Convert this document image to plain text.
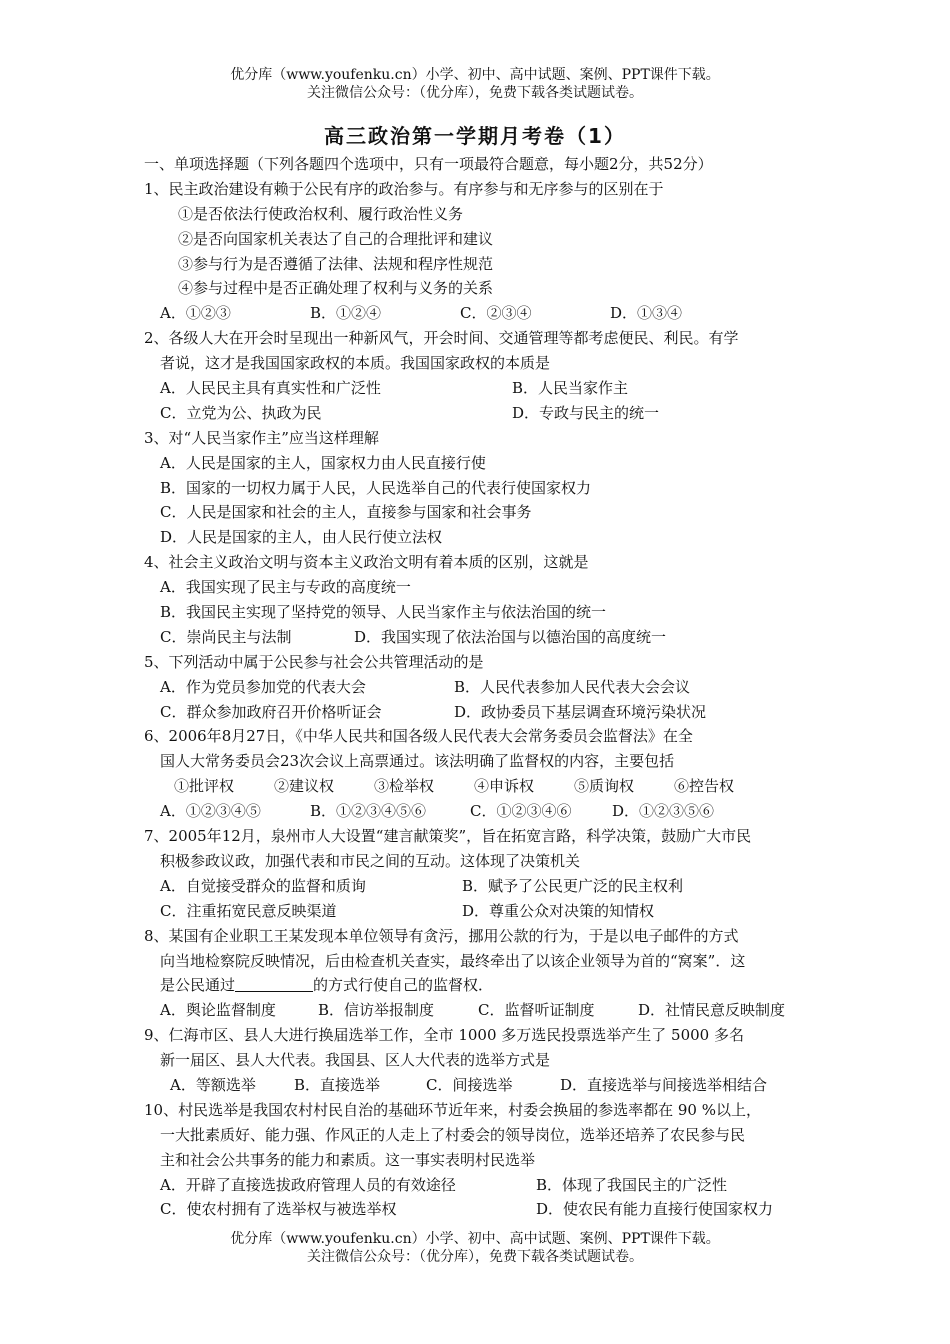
优分库（www.youfenku.cn）小学、初中、高中试题、案例、PPT课件下载。
关注微信公众号：（优分库），免费下载各类试题试卷。
高三政治第一学期月考卷（1）
一、单项选择题（下列各题四个选项中，只有一项最符合题意，每小题2分，共52分）
1、民主政治建设有赖于公民有序的政治参与。有序参与和无序参与的区别在于
①是否依法行使政治权利、履行政治性义务
②是否向国家机关表达了自己的合理批评和建议
③参与行为是否遵循了法律、法规和程序性规范
④参与过程中是否正确处理了权利与义务的关系
A．①②③	B．①②④	C．②③④	D．①③④
2、各级人大在开会时呈现出一种新风气，开会时间、交通管理等都考虑便民、利民。有学
者说，这才是我国国家政权的本质。我国国家政权的本质是
A．人民民主具有真实性和广泛性	B．人民当家作主
C．立党为公、执政为民	D．专政与民主的统一
3、对“人民当家作主”应当这样理解
A．人民是国家的主人，国家权力由人民直接行使
B．国家的一切权力属于人民，人民选举自己的代表行使国家权力
C．人民是国家和社会的主人，直接参与国家和社会事务
D．人民是国家的主人，由人民行使立法权
4、社会主义政治文明与资本主义政治文明有着本质的区别，这就是
A．我国实现了民主与专政的高度统一
B．我国民主实现了坚持党的领导、人民当家作主与依法治国的统一
C．崇尚民主与法制	D．我国实现了依法治国与以德治国的高度统一
5、下列活动中属于公民参与社会公共管理活动的是
A．作为党员参加党的代表大会	B．人民代表参加人民代表大会会议
C．群众参加政府召开价格听证会	D．政协委员下基层调查环境污染状况
6、2006年8月27日，《中华人民共和国各级人民代表大会常务委员会监督法》在全
国人大常务委员会23次会议上高票通过。该法明确了监督权的内容，主要包括
①批评权	②建议权	③检举权	④申诉权	⑤质询权	⑥控告权
A．①②③④⑤	B．①②③④⑤⑥	C．①②③④⑥	D．①②③⑤⑥
7、2005年12月，泉州市人大设置“建言献策奖”，旨在拓宽言路，科学决策，鼓励广大市民
积极参政议政，加强代表和市民之间的互动。这体现了决策机关
A．自觉接受群众的监督和质询	B．赋予了公民更广泛的民主权利
C．注重拓宽民意反映渠道	D．尊重公众对决策的知情权
8、某国有企业职工王某发现本单位领导有贪污，挪用公款的行为，于是以电子邮件的方式
向当地检察院反映情况，后由检查机关查实，最终牵出了以该企业领导为首的“窝案”．这
是公民通过	的方式行使自己的监督权．
A．舆论监督制度	B．信访举报制度	C．监督听证制度	D．社情民意反映制度
9、仁海市区、县人大进行换届选举工作，全市 1000 多万选民投票选举产生了 5000 多名
新一届区、县人大代表。我国县、区人大代表的选举方式是
A．等额选举	B．直接选举	C．间接选举	D．直接选举与间接选举相结合
10、村民选举是我国农村村民自治的基础环节近年来，村委会换届的参选率都在 90 %以上，
一大批素质好、能力强、作风正的人走上了村委会的领导岗位，选举还培养了农民参与民
主和社会公共事务的能力和素质。这一事实表明村民选举
A．开辟了直接选拔政府管理人员的有效途径	B．体现了我国民主的广泛性
C．使农村拥有了选举权与被选举权	D．使农民有能力直接行使国家权力
优分库（www.youfenku.cn）小学、初中、高中试题、案例、PPT课件下载。
关注微信公众号：（优分库），免费下载各类试题试卷。
